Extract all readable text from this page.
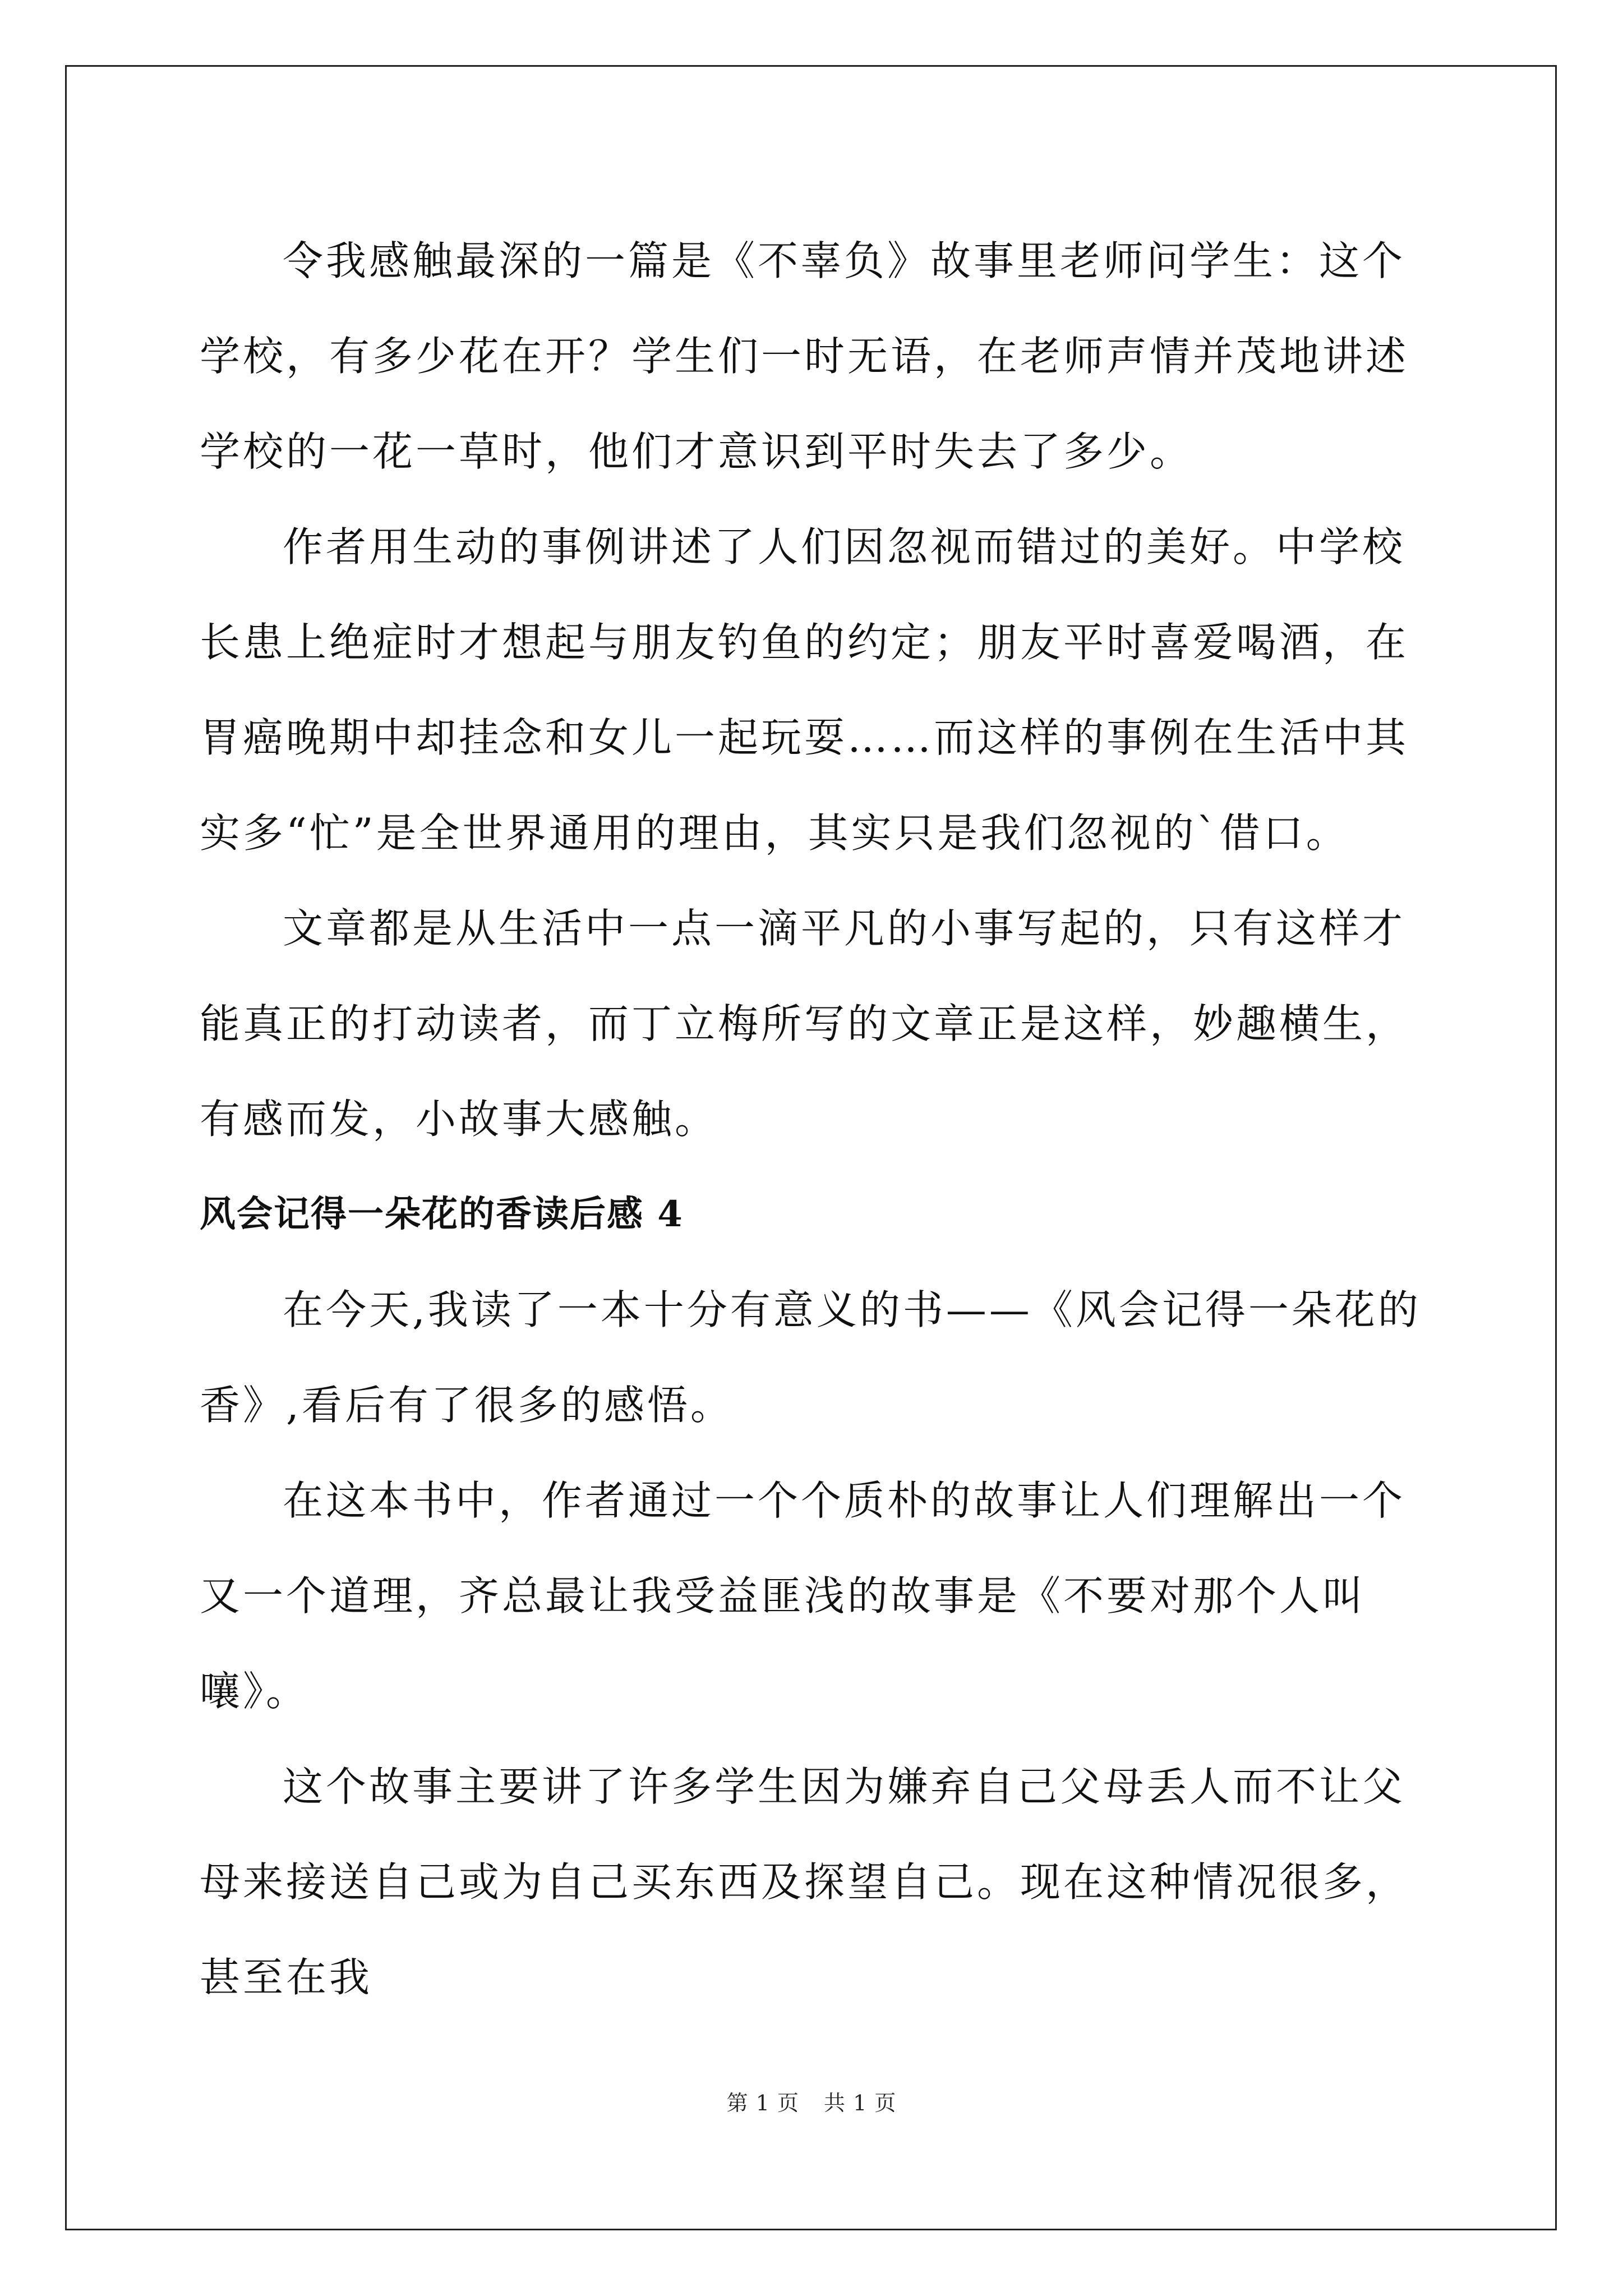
令我感触最深的一篇是《不辜负》故事里老师问学生：这个学校，有多少花在开？学生们一时无语，在老师声情并茂地讲述学校的一花一草时，他们才意识到平时失去了多少。

作者用生动的事例讲述了人们因忽视而错过的美好。中学校长患上绝症时才想起与朋友钓鱼的约定；朋友平时喜爱喝酒，在胃癌晚期中却挂念和女儿一起玩耍……而这样的事例在生活中其实多“忙”是全世界通用的理由，其实只是我们忽视的`借口。

文章都是从生活中一点一滴平凡的小事写起的，只有这样才能真正的打动读者，而丁立梅所写的文章正是这样，妙趣横生，有感而发，小故事大感触。

风会记得一朵花的香读后感 4

在今天,我读了一本十分有意义的书——《风会记得一朵花的香》,看后有了很多的感悟。

在这本书中，作者通过一个个质朴的故事让人们理解出一个又一个道理，齐总最让我受益匪浅的故事是《不要对那个人叫嚷》。

这个故事主要讲了许多学生因为嫌弃自己父母丢人而不让父母来接送自己或为自己买东西及探望自己。现在这种情况很多，甚至在我

第 1 页 共 1 页
